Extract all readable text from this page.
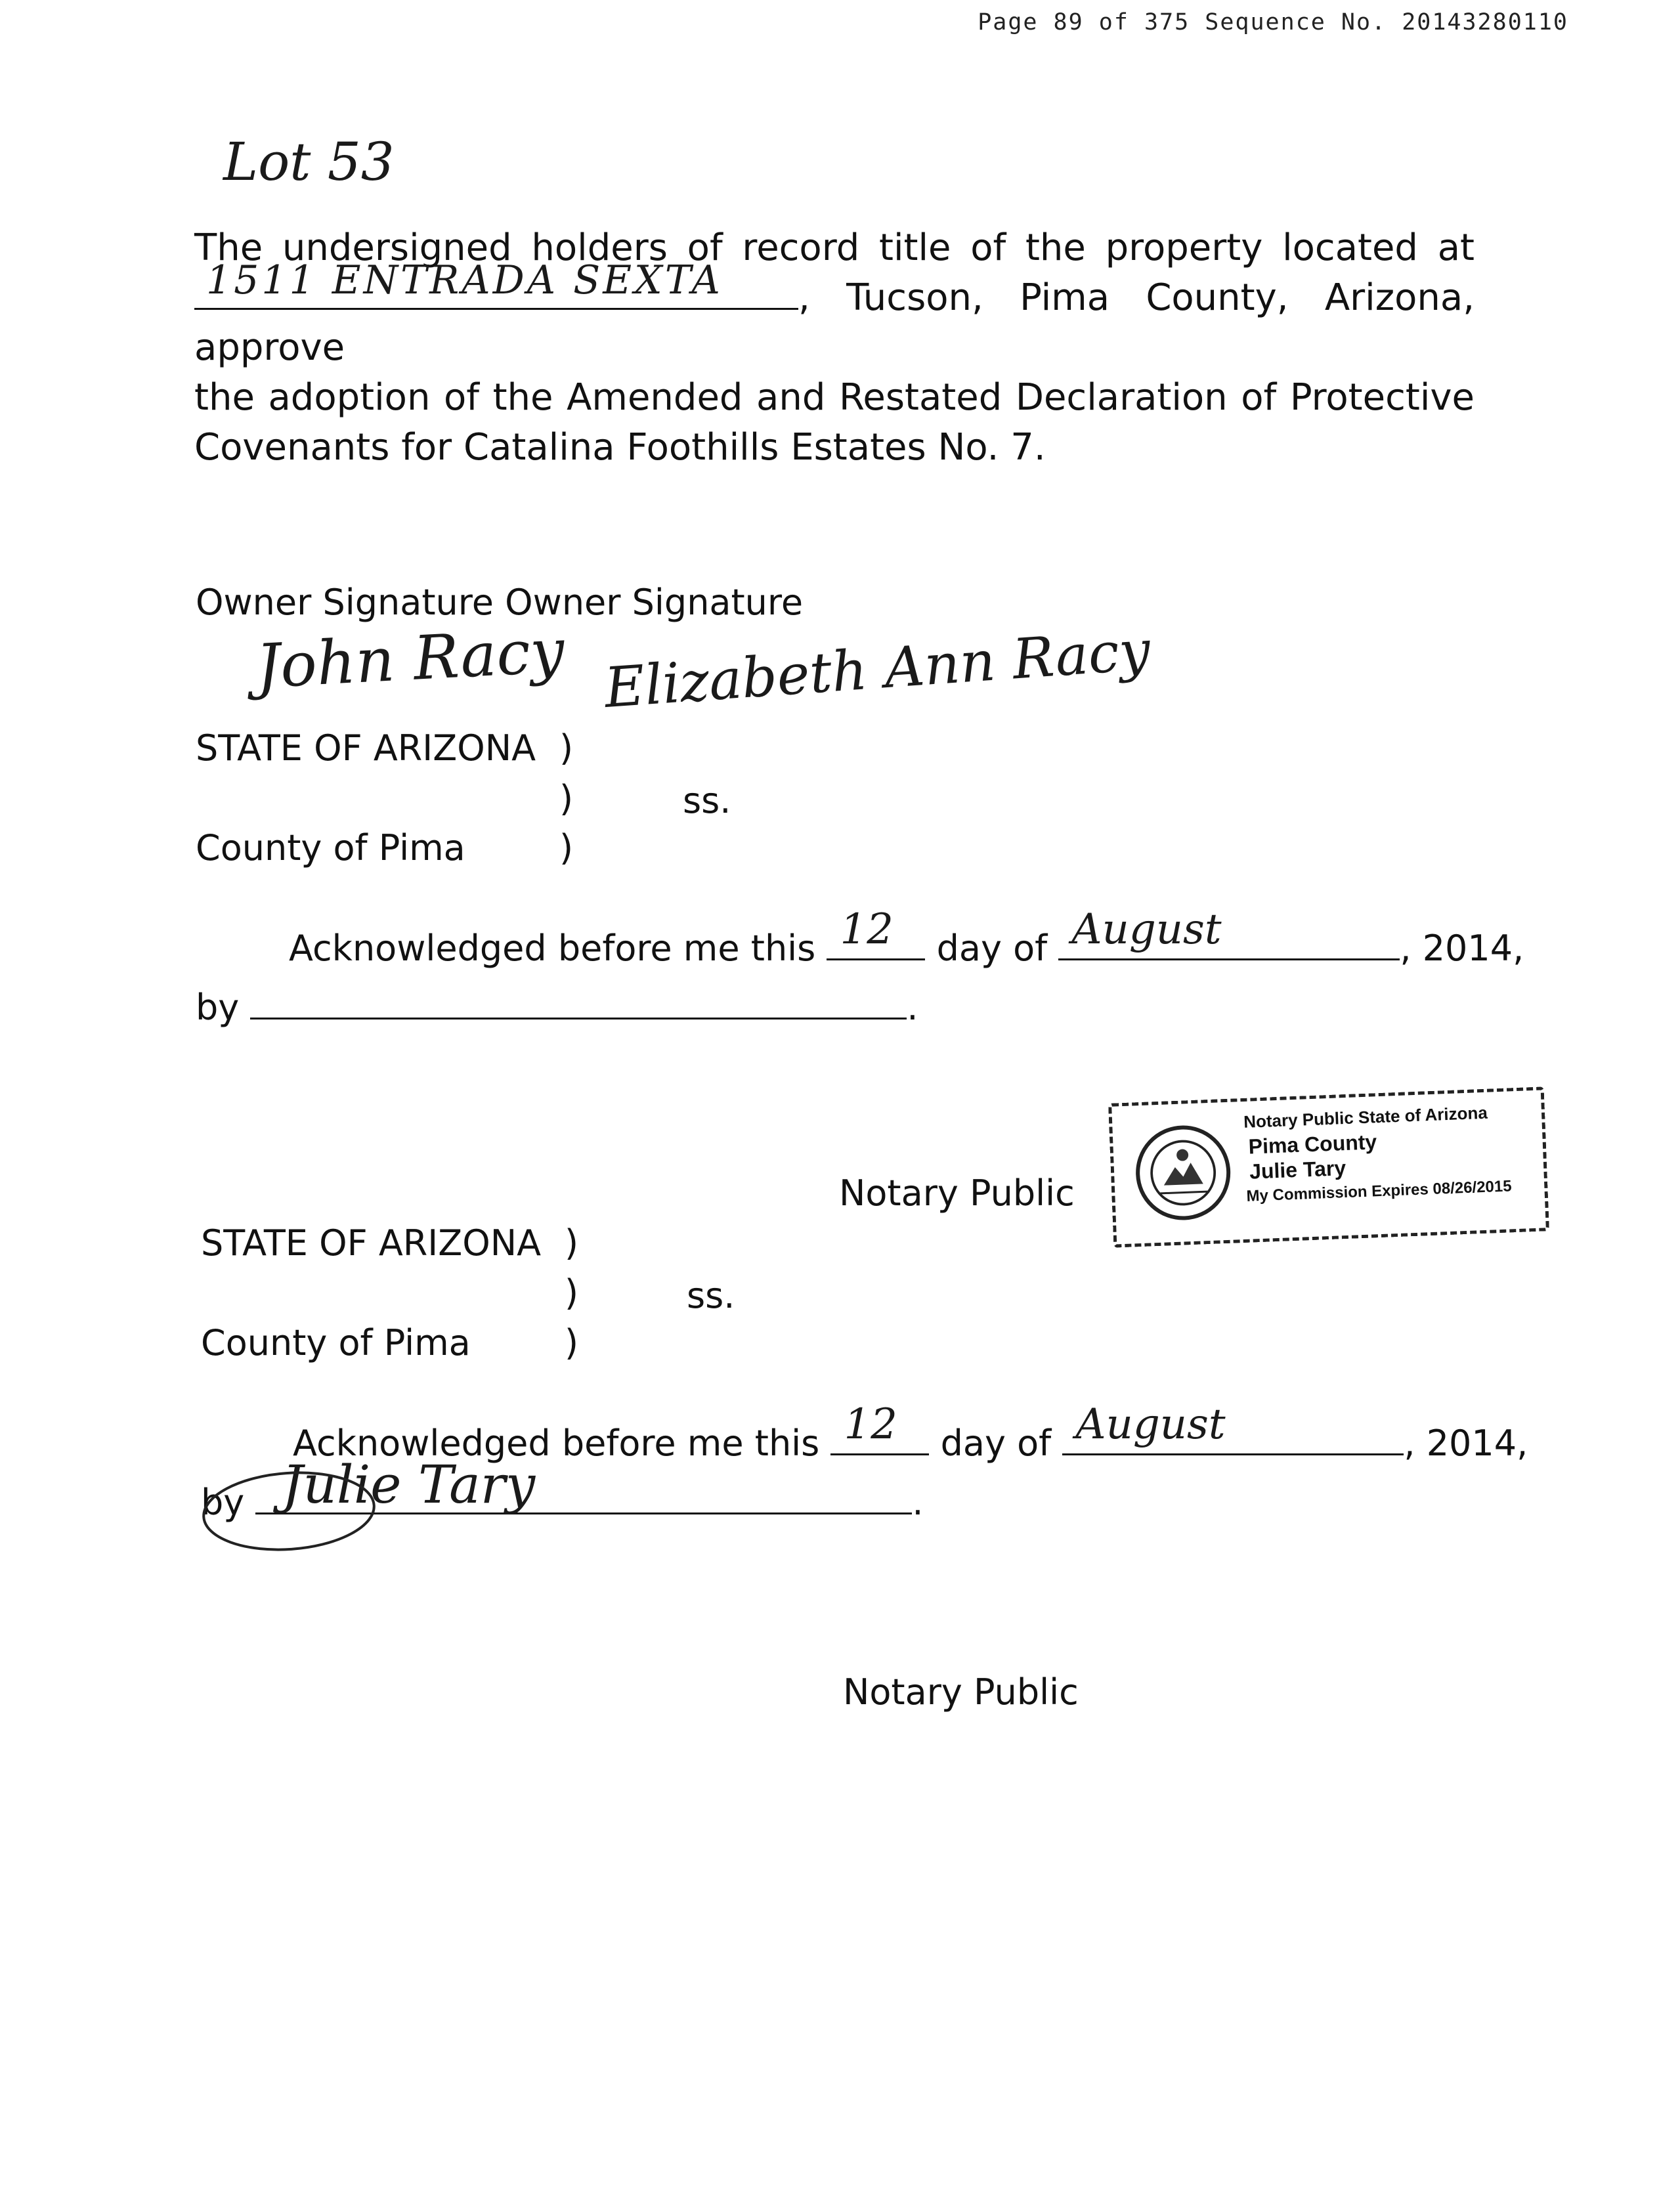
Page 89 of 375 Sequence No. 20143280110
Lot 53
The undersigned holders of record title of the property located at
1511 ENTRADA SEXTA , Tucson, Pima County, Arizona, approve
the adoption of the Amended and Restated Declaration of Protective
Covenants for Catalina Foothills Estates No. 7.
Owner Signature Owner Signature
John Racy Elizabeth Ann Racy
STATE OF ARIZONA )
)	ss.
County of Pima	)
Acknowledged before me this 12 day of August	, 2014,
by	.
Notary Public
Notary Public State of Arizona
Pima County
Julie Tary
My Commission Expires 08/26/2015
STATE OF ARIZONA )
)	ss.
County of Pima	)
Acknowledged before me this 12 day of August	, 2014,
by Julie Tary	.
Notary Public
